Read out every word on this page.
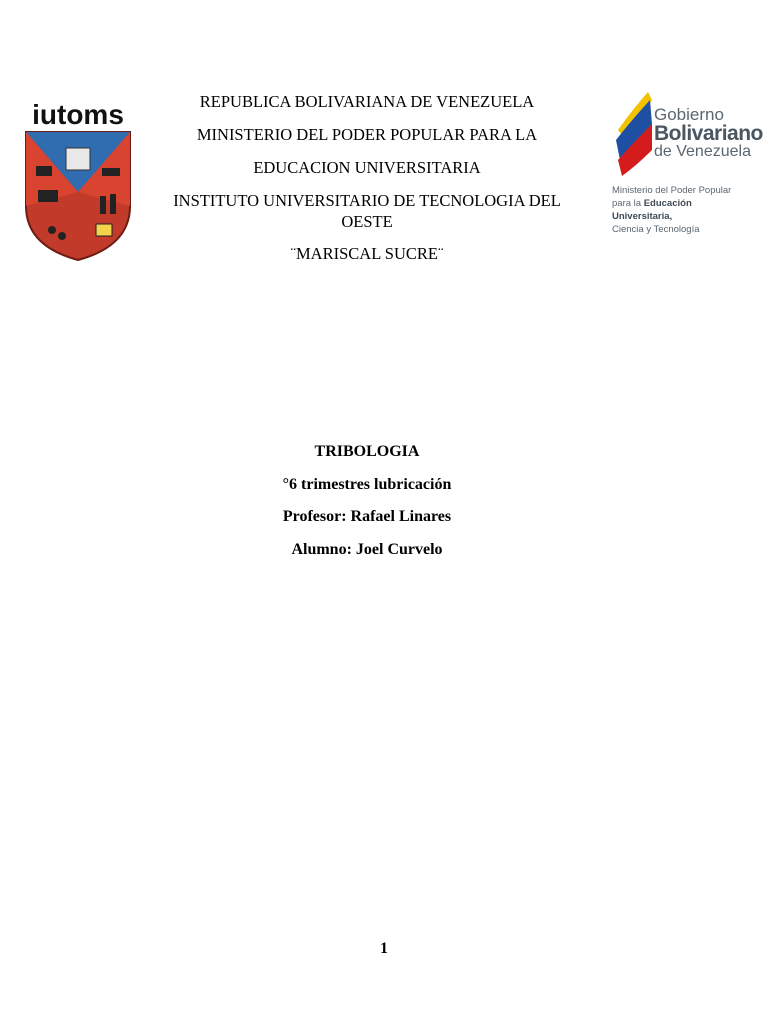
iutoms	Gobierno
Bolivariano
de Venezuela
Ministerio del Poder Popular
para la Educación Universitaria,
Ciencia y Tecnología
REPUBLICA BOLIVARIANA DE VENEZUELA
MINISTERIO DEL PODER POPULAR PARA LA
EDUCACION UNIVERSITARIA
INSTITUTO UNIVERSITARIO DE TECNOLOGIA DEL OESTE
¨MARISCAL SUCRE¨
TRIBOLOGIA
°6 trimestres lubricación
Profesor: Rafael Linares
Alumno: Joel Curvelo
1
